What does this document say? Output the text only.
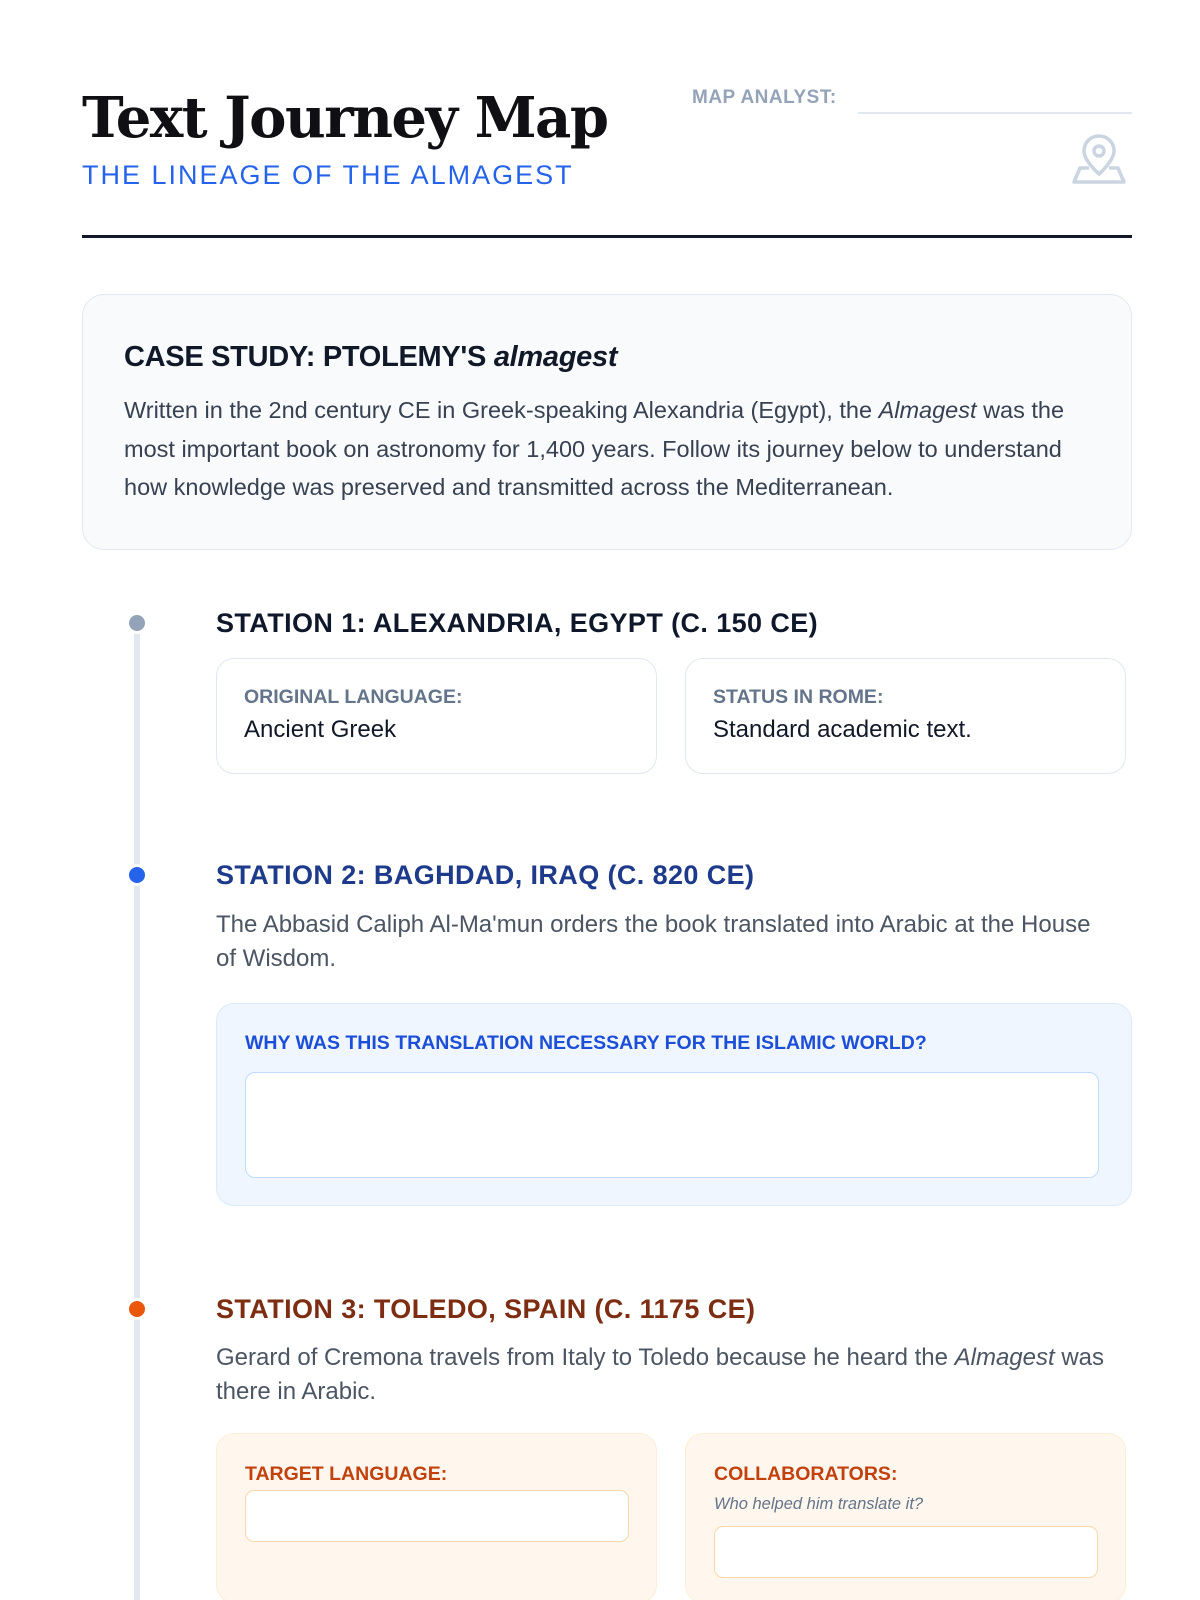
Text Journey Map
THE LINEAGE OF THE ALMAGEST
MAP ANALYST:
CASE STUDY: PTOLEMY'S almagest

Written in the 2nd century CE in Greek-speaking Alexandria (Egypt), the Almagest was the most important book on astronomy for 1,400 years. Follow its journey below to understand how knowledge was preserved and transmitted across the Mediterranean.

STATION 1: ALEXANDRIA, EGYPT (C. 150 CE)
ORIGINAL LANGUAGE:
Ancient Greek
STATUS IN ROME:
Standard academic text.
STATION 2: BAGHDAD, IRAQ (C. 820 CE)

The Abbasid Caliph Al-Ma'mun orders the book translated into Arabic at the House of Wisdom.

WHY WAS THIS TRANSLATION NECESSARY FOR THE ISLAMIC WORLD?
STATION 3: TOLEDO, SPAIN (C. 1175 CE)

Gerard of Cremona travels from Italy to Toledo because he heard the Almagest was there in Arabic.

TARGET LANGUAGE:	COLLABORATORS:
Who helped him translate it?
